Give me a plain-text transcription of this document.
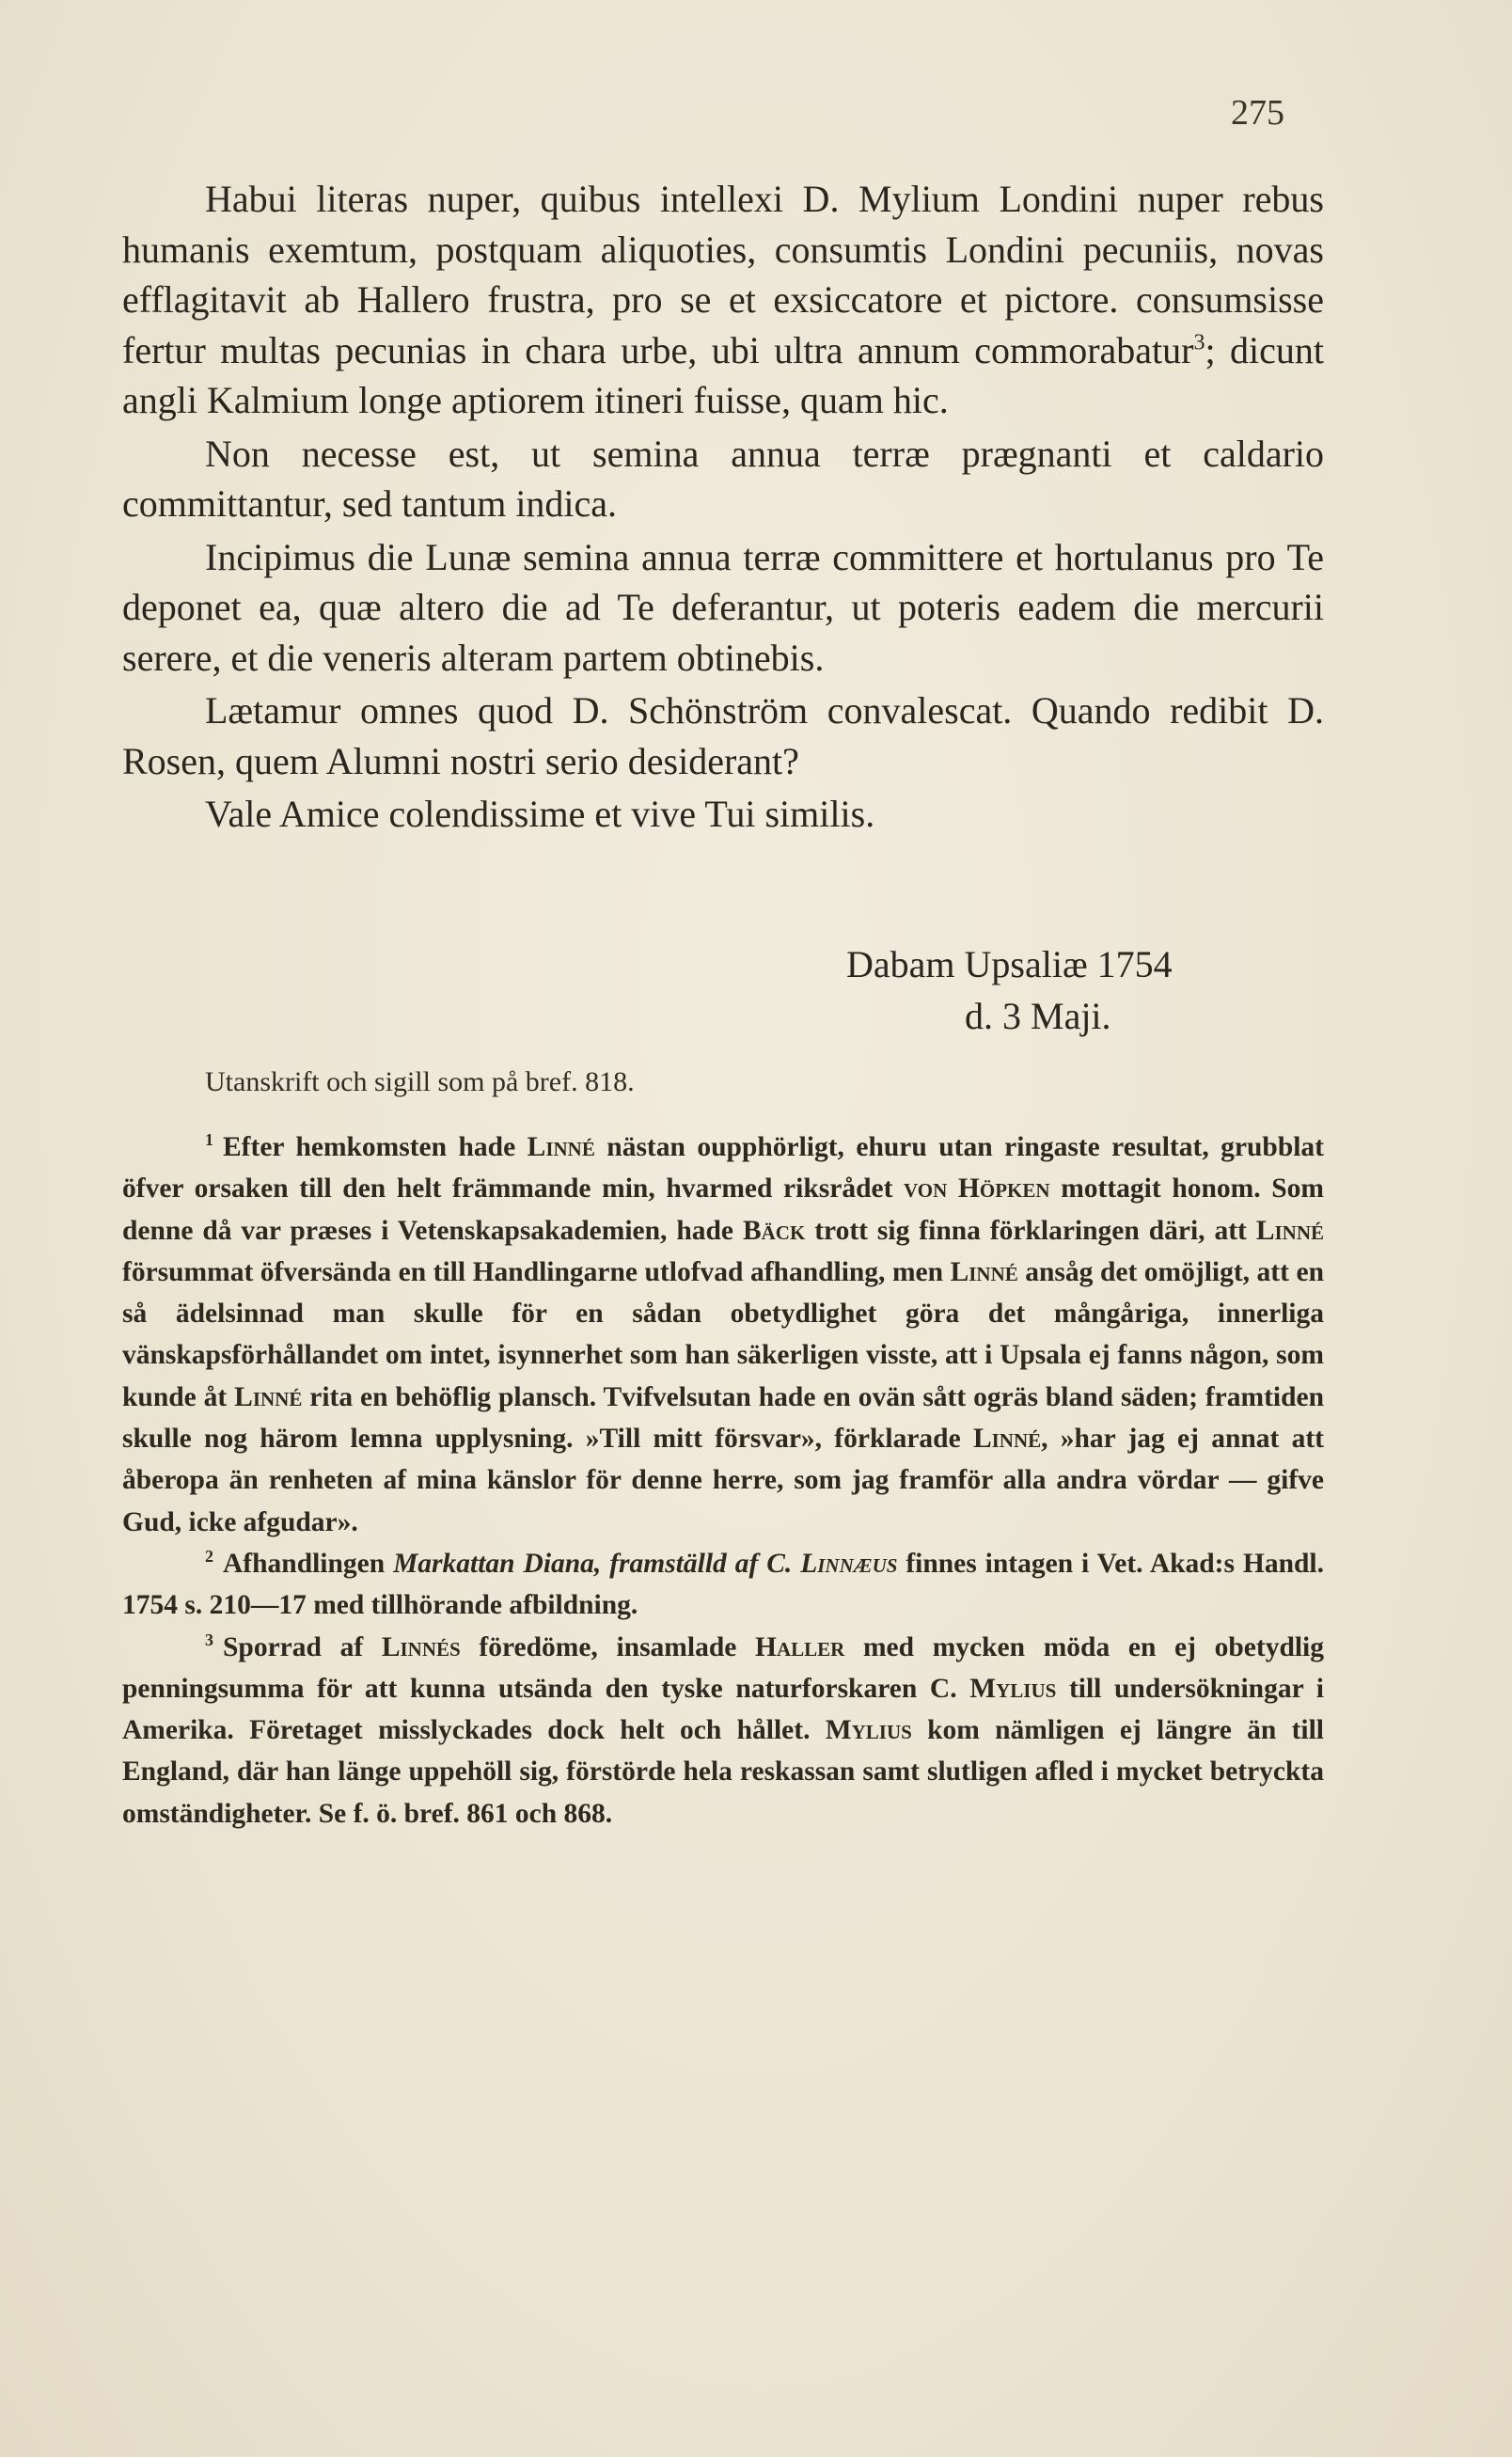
275

Habui literas nuper, quibus intellexi D. Mylium Londini nuper rebus humanis exemtum, postquam aliquoties, consumtis Londini pecuniis, novas efflagitavit ab Hallero frustra, pro se et exsiccatore et pictore. consumsisse fertur multas pecunias in chara urbe, ubi ultra annum commorabatur$^3$; dicunt angli Kalmium longe aptiorem itineri fuisse, quam hic.

Non necesse est, ut semina annua terræ prægnanti et caldario committantur, sed tantum indica.

Incipimus die Lunæ semina annua terræ committere et hortulanus pro Te deponet ea, quæ altero die ad Te deferantur, ut poteris eadem die mercurii serere, et die veneris alteram partem obtinebis.

Lætamur omnes quod D. Schönström convalescat. Quando redibit D. Rosen, quem Alumni nostri serio desiderant?

Vale Amice colendissime et vive Tui similis.

Dabam Upsaliæ 1754
d. 3 Maji.
Utanskrift och sigill som på bref. 818.

$^1$ Efter hemkomsten hade Linné nästan oupphörligt, ehuru utan ringaste resultat, grubblat öfver orsaken till den helt främmande min, hvarmed riksrådet von Höpken mottagit honom. Som denne då var præses i Vetenskapsakademien, hade Bäck trott sig finna förklaringen däri, att Linné försummat öfversända en till Handlingarne utlofvad afhandling, men Linné ansåg det omöjligt, att en så ädelsinnad man skulle för en sådan obetydlighet göra det mångåriga, innerliga vänskapsförhållandet om intet, isynnerhet som han säkerligen visste, att i Upsala ej fanns någon, som kunde åt Linné rita en behöflig plansch. Tvifvelsutan hade en ovän sått ogräs bland säden; framtiden skulle nog härom lemna upplysning. »Till mitt försvar», förklarade Linné, »har jag ej annat att åberopa än renheten af mina känslor för denne herre, som jag framför alla andra vördar — gifve Gud, icke afgudar».

$^2$ Afhandlingen Markattan Diana, framställd af C. Linnæus finnes intagen i Vet. Akad:s Handl. 1754 s. 210—17 med tillhörande afbildning.

$^3$ Sporrad af Linnés föredöme, insamlade Haller med mycken möda en ej obetydlig penningsumma för att kunna utsända den tyske naturforskaren C. Mylius till undersökningar i Amerika. Företaget misslyckades dock helt och hållet. Mylius kom nämligen ej längre än till England, där han länge uppehöll sig, förstörde hela reskassan samt slutligen afled i mycket betryckta omständigheter. Se f. ö. bref. 861 och 868.
